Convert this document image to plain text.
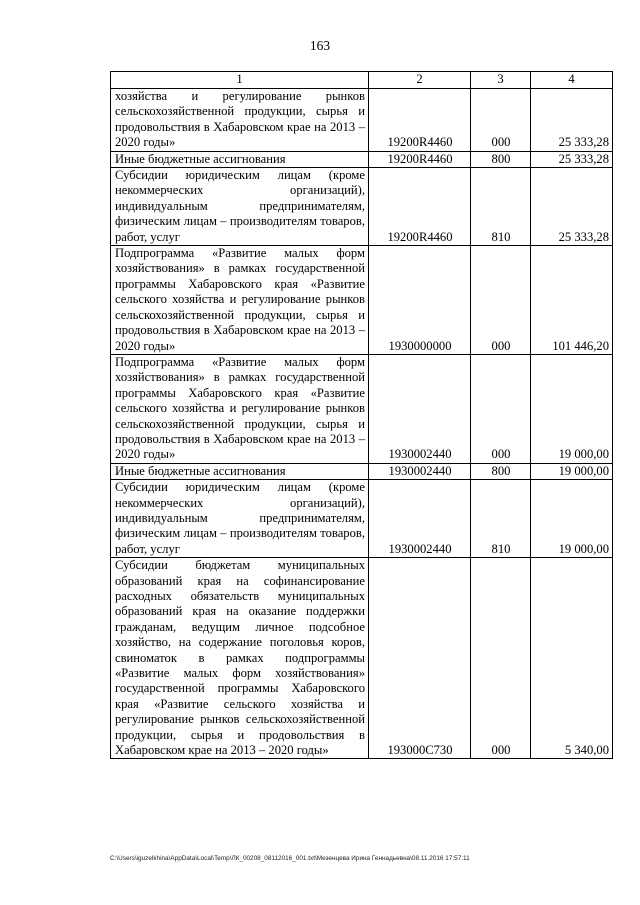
163
1	2	3	4
хозяйства и регулирование рынков сельскохозяйственной продукции, сырья и продовольствия в Хабаровском крае на 2013 – 2020 годы»	19200R4460	000	25 333,28
Иные бюджетные ассигнования	19200R4460	800	25 333,28
Субсидии юридическим лицам (кроме некоммерческих организаций), индивидуальным предпринимателям, физическим лицам – производителям товаров, работ, услуг	19200R4460	810	25 333,28
Подпрограмма «Развитие малых форм хозяйствования» в рамках государственной программы Хабаровского края «Развитие сельского хозяйства и регулирование рынков сельскохозяйственной продукции, сырья и продовольствия в Хабаровском крае на 2013 – 2020 годы»	1930000000	000	101 446,20
Подпрограмма «Развитие малых форм хозяйствования» в рамках государственной программы Хабаровского края «Развитие сельского хозяйства и регулирование рынков сельскохозяйственной продукции, сырья и продовольствия в Хабаровском крае на 2013 – 2020 годы»	1930002440	000	19 000,00
Иные бюджетные ассигнования	1930002440	800	19 000,00
Субсидии юридическим лицам (кроме некоммерческих организаций), индивидуальным предпринимателям, физическим лицам – производителям товаров, работ, услуг	1930002440	810	19 000,00
Субсидии бюджетам муниципальных образований края на софинансирование расходных обязательств муниципальных образований края на оказание поддержки гражданам, ведущим личное подсобное хозяйство, на содержание поголовья коров, свиноматок в рамках подпрограммы «Развитие малых форм хозяйствования» государственной программы Хабаровского края «Развитие сельского хозяйства и регулирование рынков сельскохозяйственной продукции, сырья и продовольствия в Хабаровском крае на 2013 – 2020 годы»	193000С730	000	5 340,00
C:\Users\iguzelkhina\AppData\Local\Temp\ЛК_00208_08112016_001.txt\Мезенцева Ирина Геннадьевна\08.11.2016 17:57:11
